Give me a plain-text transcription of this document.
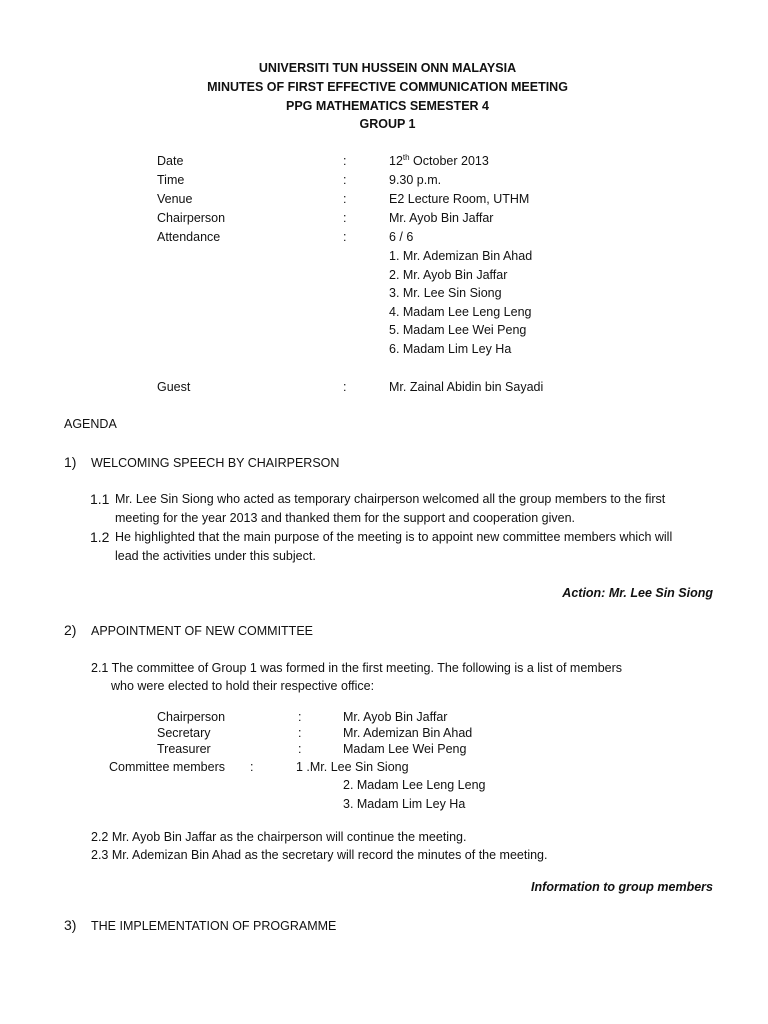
UNIVERSITI TUN HUSSEIN ONN MALAYSIA
MINUTES OF FIRST EFFECTIVE COMMUNICATION MEETING
PPG MATHEMATICS SEMESTER 4
GROUP 1
Date	:	12th October 2013
Time	:	9.30 p.m.
Venue	:	E2 Lecture Room, UTHM
Chairperson	:	Mr. Ayob Bin Jaffar
Attendance	:	6 / 6
1. Mr. Ademizan Bin Ahad
2. Mr. Ayob Bin Jaffar
3. Mr. Lee Sin Siong
4. Madam Lee Leng Leng
5. Madam Lee Wei Peng
6. Madam Lim Ley Ha
Guest	:	Mr. Zainal Abidin bin Sayadi
AGENDA
1) WELCOMING SPEECH BY CHAIRPERSON
1.1 Mr. Lee Sin Siong who acted as temporary chairperson welcomed all the group members to the first
meeting for the year 2013 and thanked them for the support and cooperation given.
1.2 He highlighted that the main purpose of the meeting is to appoint new committee members which will
lead the activities under this subject.
Action: Mr. Lee Sin Siong
2) APPOINTMENT OF NEW COMMITTEE
2.1 The committee of Group 1 was formed in the first meeting. The following is a list of members
who were elected to hold their respective office:
Chairperson	:	Mr. Ayob Bin Jaffar
Secretary	:	Mr. Ademizan Bin Ahad
Treasurer	:	Madam Lee Wei Peng
Committee members :	1 .Mr. Lee Sin Siong
2. Madam Lee Leng Leng
3. Madam Lim Ley Ha
2.2 Mr. Ayob Bin Jaffar as the chairperson will continue the meeting.
2.3 Mr. Ademizan Bin Ahad as the secretary will record the minutes of the meeting.
Information to group members
3) THE IMPLEMENTATION OF PROGRAMME
